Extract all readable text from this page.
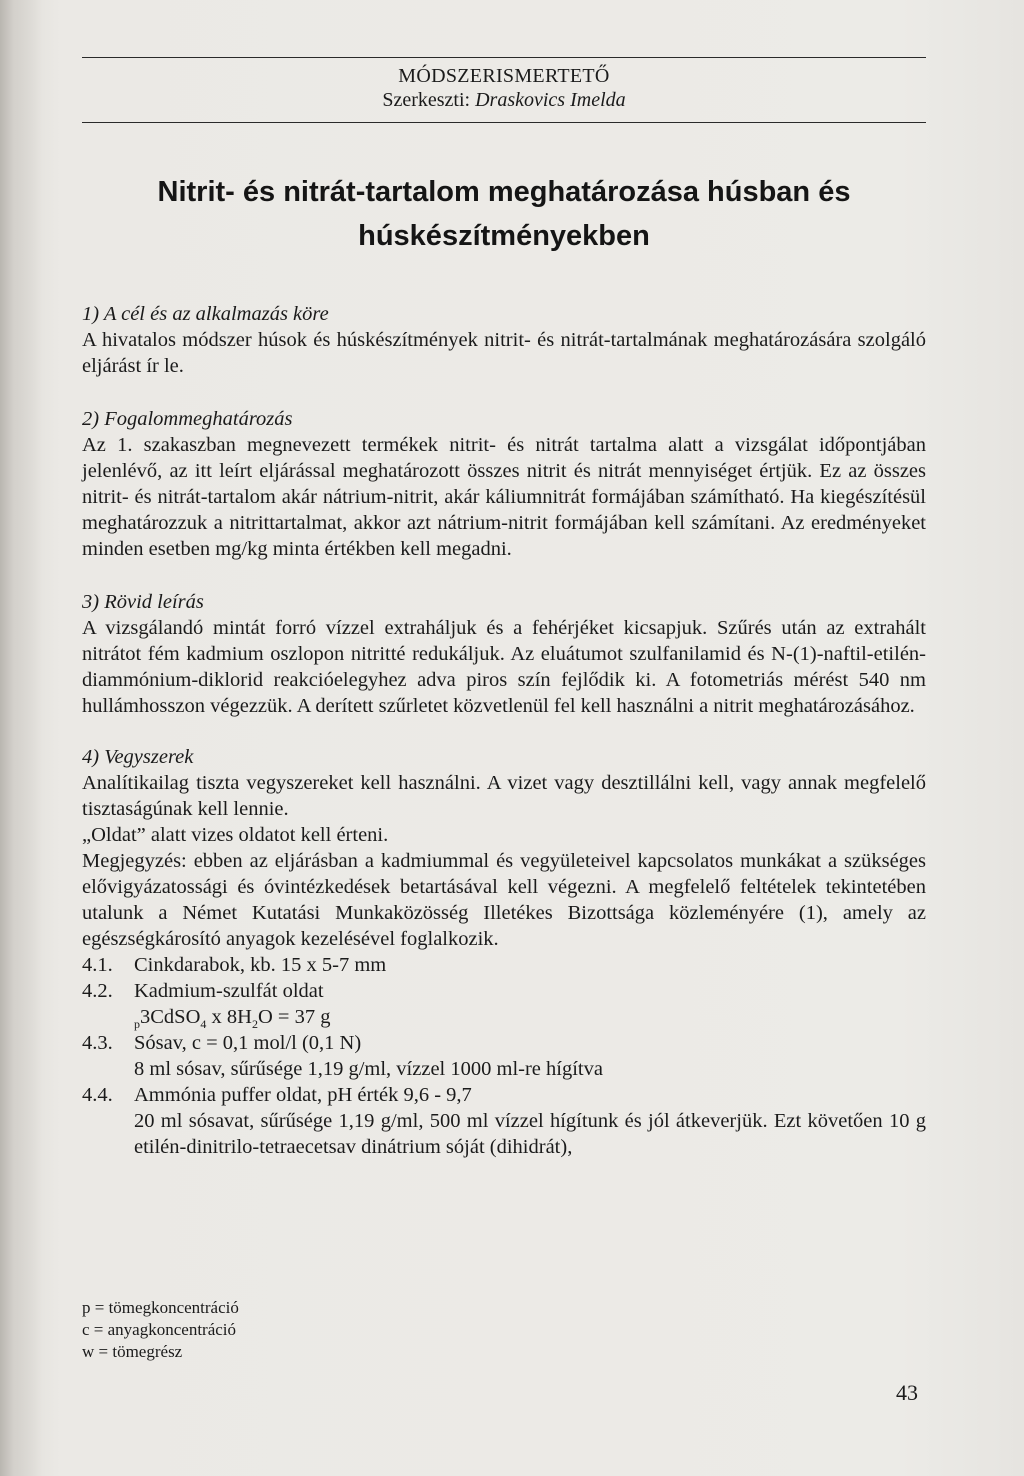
MÓDSZERISMERTETŐ
Szerkeszti: Draskovics Imelda
Nitrit- és nitrát-tartalom meghatározása húsban és
húskészítményekben

1) A cél és az alkalmazás köre

A hivatalos módszer húsok és húskészítmények nitrit- és nitrát-tartalmának meghatározására szolgáló eljárást ír le.

2) Fogalommeghatározás

Az 1. szakaszban megnevezett termékek nitrit- és nitrát tartalma alatt a vizsgálat időpontjában jelenlévő, az itt leírt eljárással meghatározott összes nitrit és nitrát mennyiséget értjük. Ez az összes nitrit- és nitrát-tartalom akár nátrium-nitrit, akár káliumnitrát formájában számítható. Ha kiegészítésül meghatározzuk a nitrittartalmat, akkor azt nátrium-nitrit formájában kell számítani. Az eredményeket minden esetben mg/kg minta értékben kell megadni.

3) Rövid leírás

A vizsgálandó mintát forró vízzel extraháljuk és a fehérjéket kicsapjuk. Szűrés után az extrahált nitrátot fém kadmium oszlopon nitritté redukáljuk. Az eluátumot szulfanilamid és N-(1)-naftil-etilén-diammónium-diklorid reakcióelegyhez adva piros szín fejlődik ki. A fotometriás mérést 540 nm hullámhosszon végezzük. A derített szűrletet közvetlenül fel kell használni a nitrit meghatározásához.

4) Vegyszerek

Analítikailag tiszta vegyszereket kell használni. A vizet vagy desztillálni kell, vagy annak megfelelő tisztaságúnak kell lennie.

„Oldat” alatt vizes oldatot kell érteni.

Megjegyzés: ebben az eljárásban a kadmiummal és vegyületeivel kapcsolatos munkákat a szükséges elővigyázatossági és óvintézkedések betartásával kell végezni. A megfelelő feltételek tekintetében utalunk a Német Kutatási Munkaközösség Illetékes Bizottsága közleményére (1), amely az egészségkárosító anyagok kezelésével foglalkozik.

4.1.	Cinkdarabok, kb. 15 x 5-7 mm
4.2.	Kadmium-szulfát oldat
$_p$3CdSO$_4$ x $8H_2O = 37$ g
4.3.	Sósav, c = 0,1 mol/l (0,1 N)

8 ml sósav, sűrűsége 1,19 g/ml, vízzel 1000 ml-re hígítva

4.4.	Ammónia puffer oldat, pH érték 9,6 - 9,7

20 ml sósavat, sűrűsége 1,19 g/ml, 500 ml vízzel hígítunk és jól átkeverjük. Ezt követően 10 g etilén-dinitrilo-tetraecetsav dinátrium sóját (dihidrát),

p = tömegkoncentráció
c = anyagkoncentráció
w = tömegrész
43
